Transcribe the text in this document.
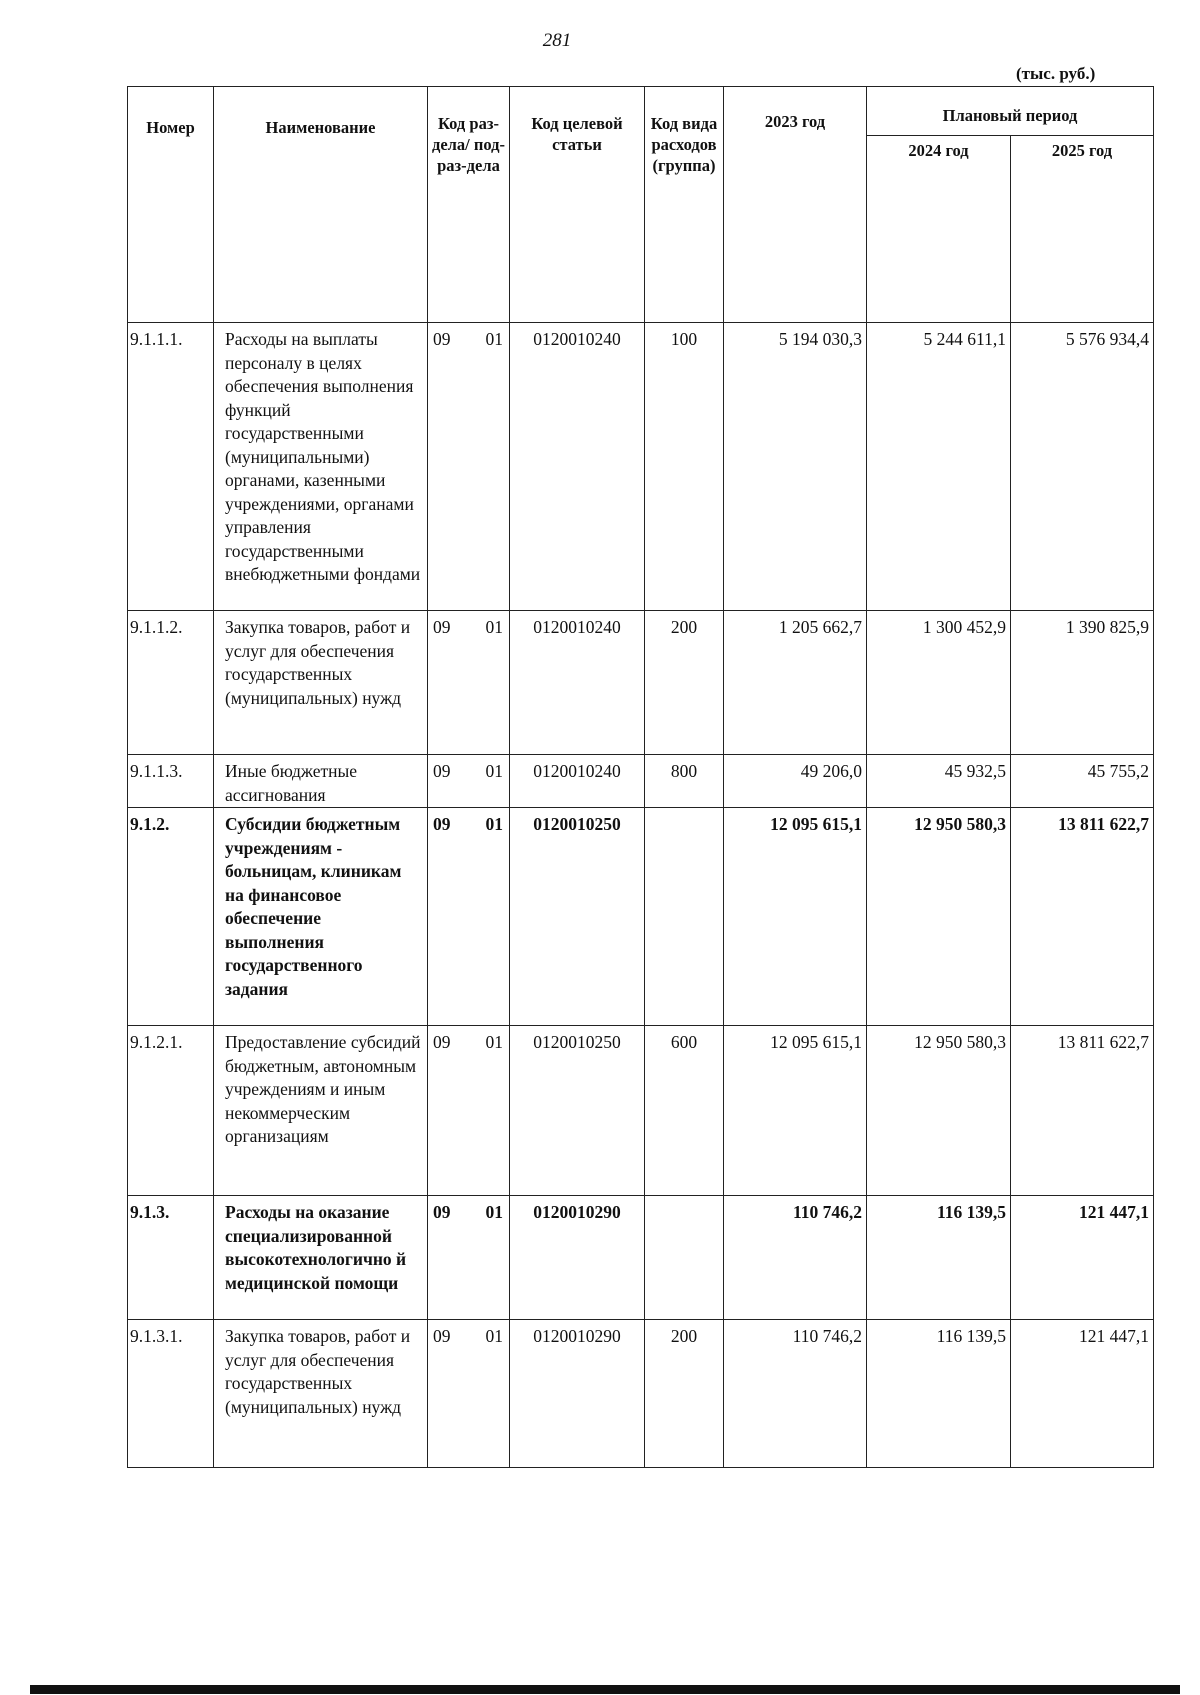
281
(тыс. руб.)
Номер	Наименование	Код раз-дела/ под-раз-дела	Код целевой статьи	Код вида расходов (группа)	2023 год	Плановый период	
						2024 год	2025 год
9.1.1.1.	Расходы на выплаты персоналу в целях обеспечения выполнения функций государственными (муниципальными) органами, казенными учреждениями, органами управления государственными внебюджетными фондами	09 01	0120010240	100	5 194 030,3	5 244 611,1	5 576 934,4
9.1.1.2.	Закупка товаров, работ и услуг для обеспечения государственных (муниципальных) нужд	09 01	0120010240	200	1 205 662,7	1 300 452,9	1 390 825,9
9.1.1.3.	Иные бюджетные ассигнования	09 01	0120010240	800	49 206,0	45 932,5	45 755,2
9.1.2.	Субсидии бюджетным учреждениям - больницам, клиникам на финансовое обеспечение выполнения государственного задания	09 01	0120010250		12 095 615,1	12 950 580,3	13 811 622,7
9.1.2.1.	Предоставление субсидий бюджетным, автономным учреждениям и иным некоммерческим организациям	09 01	0120010250	600	12 095 615,1	12 950 580,3	13 811 622,7
9.1.3.	Расходы на оказание специализированной высокотехнологично й медицинской помощи	09 01	0120010290		110 746,2	116 139,5	121 447,1
9.1.3.1.	Закупка товаров, работ и услуг для обеспечения государственных (муниципальных) нужд	09 01	0120010290	200	110 746,2	116 139,5	121 447,1
